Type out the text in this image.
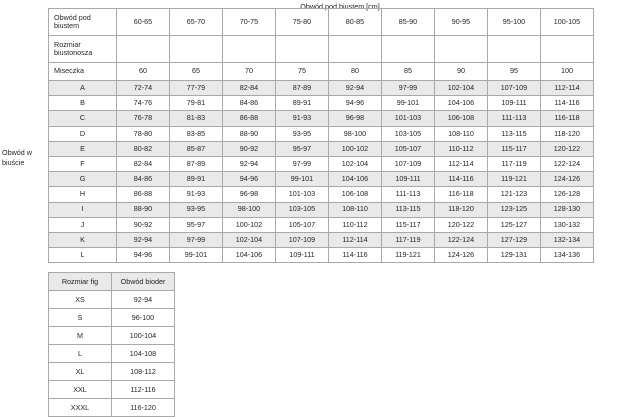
Obwód pod biustem [cm]
Obwód w biuście
Obwód pod biustem	60-65	65-70	70-75	75-80	80-85	85-90	90-95	95-100	100-105
Rozmiar biustonosza									
Miseczka	60	65	70	75	80	85	90	95	100
A	72-74	77-79	82-84	87-89	92-94	97-99	102-104	107-109	112-114
B	74-76	79-81	84-86	89-91	94-96	99-101	104-106	109-111	114-116
C	76-78	81-83	86-88	91-93	96-98	101-103	106-108	111-113	116-118
D	78-80	83-85	88-90	93-95	98-100	103-105	108-110	113-115	118-120
E	80-82	85-87	90-92	95-97	100-102	105-107	110-112	115-117	120-122
F	82-84	87-89	92-94	97-99	102-104	107-109	112-114	117-119	122-124
G	84-86	89-91	94-96	99-101	104-106	109-111	114-116	119-121	124-126
H	86-88	91-93	96-98	101-103	106-108	111-113	116-118	121-123	126-128
I	88-90	93-95	98-100	103-105	108-110	113-115	118-120	123-125	128-130
J	90-92	95-97	100-102	105-107	110-112	115-117	120-122	125-127	130-132
K	92-94	97-99	102-104	107-109	112-114	117-119	122-124	127-129	132-134
L	94-96	99-101	104-106	109-111	114-116	119-121	124-126	129-131	134-136
Rozmiar fig	Obwód bioder
XS	92-94
S	96-100
M	100-104
L	104-108
XL	108-112
XXL	112-116
XXXL	116-120
